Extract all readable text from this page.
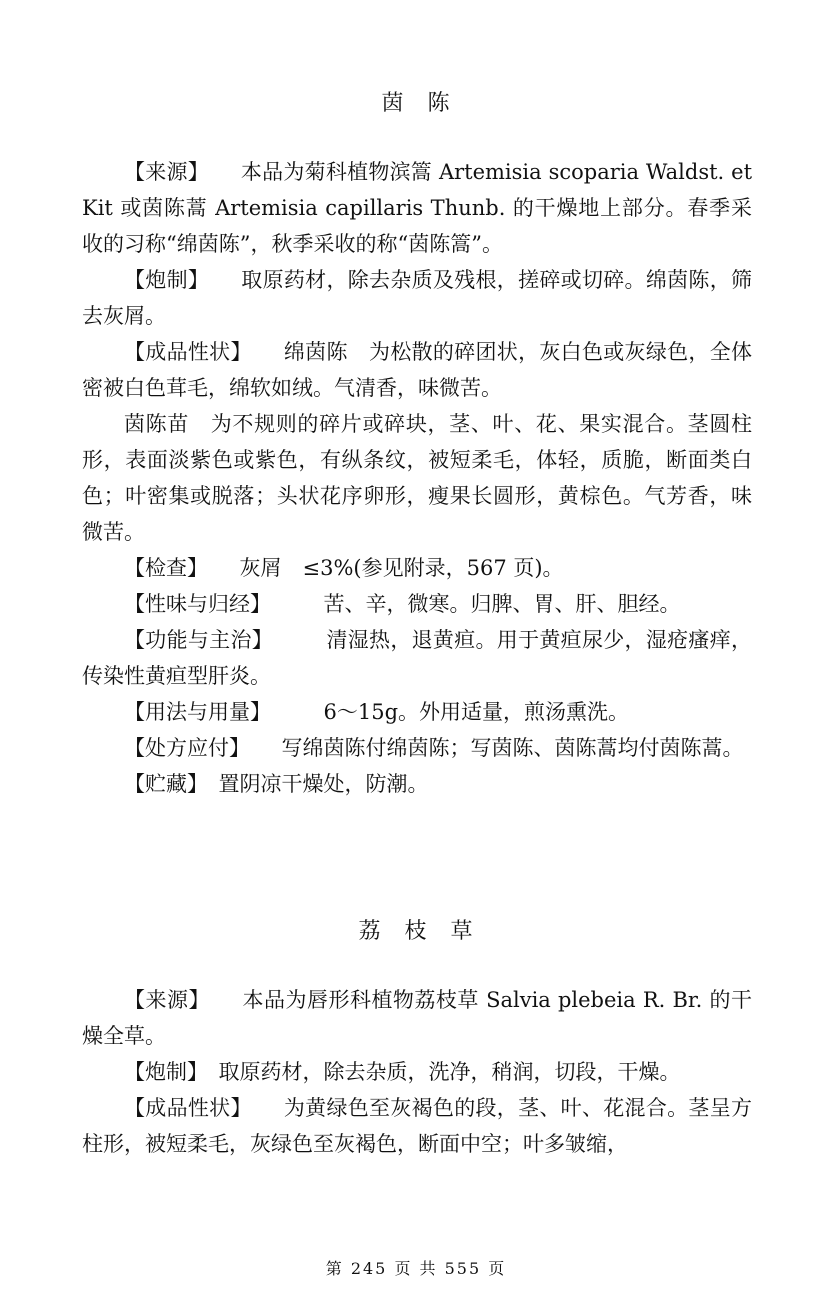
茵　陈

【来源】　　本品为菊科植物滨篙 Artemisia scoparia Waldst. et Kit 或茵陈蒿 Artemisia capillaris Thunb. 的干燥地上部分。春季采收的习称“绵茵陈”，秋季采收的称“茵陈篙”。

【炮制】　　取原药材，除去杂质及残根，搓碎或切碎。绵茵陈，筛去灰屑。

【成品性状】　　绵茵陈　为松散的碎团状，灰白色或灰绿色，全体密被白色茸毛，绵软如绒。气清香，味微苦。

茵陈苗　为不规则的碎片或碎块，茎、叶、花、果实混合。茎圆柱形，表面淡紫色或紫色，有纵条纹，被短柔毛，体轻，质脆，断面类白色；叶密集或脱落；头状花序卵形，瘦果长圆形，黄棕色。气芳香，味微苦。

【检查】　　灰屑　≤3%(参见附录，567 页)。

【性味与归经】　　　苦、辛，微寒。归脾、胃、肝、胆经。

【功能与主治】　　　清湿热，退黄疸。用于黄疸尿少，湿疮瘙痒，传染性黄疸型肝炎。

【用法与用量】　　　6～15g。外用适量，煎汤熏洗。

【处方应付】　　写绵茵陈付绵茵陈；写茵陈、茵陈蒿均付茵陈蒿。

【贮藏】　置阴凉干燥处，防潮。

荔　枝　草

【来源】　　本品为唇形科植物荔枝草 Salvia plebeia R. Br. 的干燥全草。

【炮制】　取原药材，除去杂质，洗净，稍润，切段，干燥。

【成品性状】　　为黄绿色至灰褐色的段，茎、叶、花混合。茎呈方柱形，被短柔毛，灰绿色至灰褐色，断面中空；叶多皱缩，

第 245 页 共 555 页
